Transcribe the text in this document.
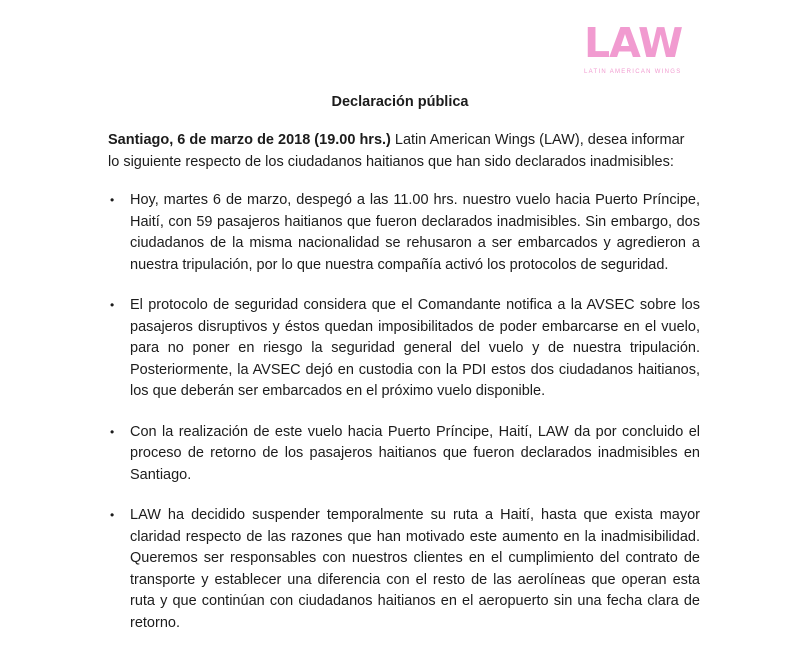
LAW
LATIN AMERICAN WINGS
Declaración pública

Santiago, 6 de marzo de 2018 (19.00 hrs.) Latin American Wings (LAW), desea informar lo siguiente respecto de los ciudadanos haitianos que han sido declarados inadmisibles:

• Hoy, martes 6 de marzo, despegó a las 11.00 hrs. nuestro vuelo hacia Puerto Príncipe, Haití, con 59 pasajeros haitianos que fueron declarados inadmisibles. Sin embargo, dos ciudadanos de la misma nacionalidad se rehusaron a ser embarcados y agredieron a nuestra tripulación, por lo que nuestra compañía activó los protocolos de seguridad.
• El protocolo de seguridad considera que el Comandante notifica a la AVSEC sobre los pasajeros disruptivos y éstos quedan imposibilitados de poder embarcarse en el vuelo, para no poner en riesgo la seguridad general del vuelo y de nuestra tripulación. Posteriormente, la AVSEC dejó en custodia con la PDI estos dos ciudadanos haitianos, los que deberán ser embarcados en el próximo vuelo disponible.
• Con la realización de este vuelo hacia Puerto Príncipe, Haití, LAW da por concluido el proceso de retorno de los pasajeros haitianos que fueron declarados inadmisibles en Santiago.
• LAW ha decidido suspender temporalmente su ruta a Haití, hasta que exista mayor claridad respecto de las razones que han motivado este aumento en la inadmisibilidad. Queremos ser responsables con nuestros clientes en el cumplimiento del contrato de transporte y establecer una diferencia con el resto de las aerolíneas que operan esta ruta y que continúan con ciudadanos haitianos en el aeropuerto sin una fecha clara de retorno.
